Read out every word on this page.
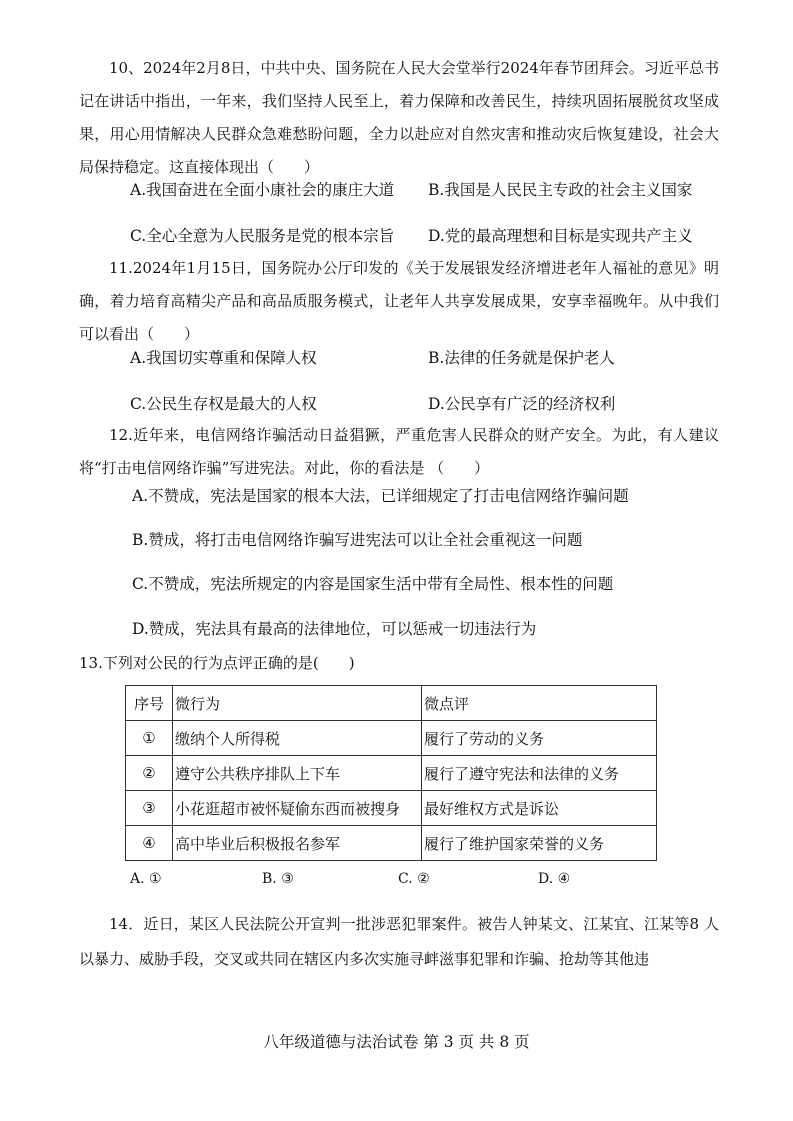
10、2024年2月8日，中共中央、国务院在人民大会堂举行2024年春节团拜会。习近平总书记在讲话中指出，一年来，我们坚持人民至上，着力保障和改善民生，持续巩固拓展脱贫攻坚成果，用心用情解决人民群众急难愁盼问题，全力以赴应对自然灾害和推动灾后恢复建设，社会大局保持稳定。这直接体现出（　　）
A.我国奋进在全面小康社会的康庄大道 B.我国是人民民主专政的社会主义国家
C.全心全意为人民服务是党的根本宗旨 D.党的最高理想和目标是实现共产主义
11.2024年1月15日，国务院办公厅印发的《关于发展银发经济增进老年人福祉的意见》明确，着力培育高精尖产品和高品质服务模式，让老年人共享发展成果，安享幸福晚年。从中我们可以看出（　　）
A.我国切实尊重和保障人权	B.法律的任务就是保护老人
C.公民生存权是最大的人权	D.公民享有广泛的经济权利
12.近年来，电信网络诈骗活动日益猖獗，严重危害人民群众的财产安全。为此，有人建议将“打击电信网络诈骗”写进宪法。对此，你的看法是 （　　）
A.不赞成，宪法是国家的根本大法，已详细规定了打击电信网络诈骗问题
B.赞成，将打击电信网络诈骗写进宪法可以让全社会重视这一问题
C.不赞成，宪法所规定的内容是国家生活中带有全局性、根本性的问题
D.赞成，宪法具有最高的法律地位，可以惩戒一切违法行为
13.下列对公民的行为点评正确的是(　　)
序号	微行为	微点评
①	缴纳个人所得税	履行了劳动的义务
②	遵守公共秩序排队上下车	履行了遵守宪法和法律的义务
③	小花逛超市被怀疑偷东西而被搜身	最好维权方式是诉讼
④	高中毕业后积极报名参军	履行了维护国家荣誉的义务
A. ①	B. ③	C. ②	D. ④
14．近日，某区人民法院公开宣判一批涉恶犯罪案件。被告人钟某文、江某宜、江某等8 人以暴力、威胁手段，交叉或共同在辖区内多次实施寻衅滋事犯罪和诈骗、抢劫等其他违
八年级道德与法治试卷 第 3 页 共 8 页
